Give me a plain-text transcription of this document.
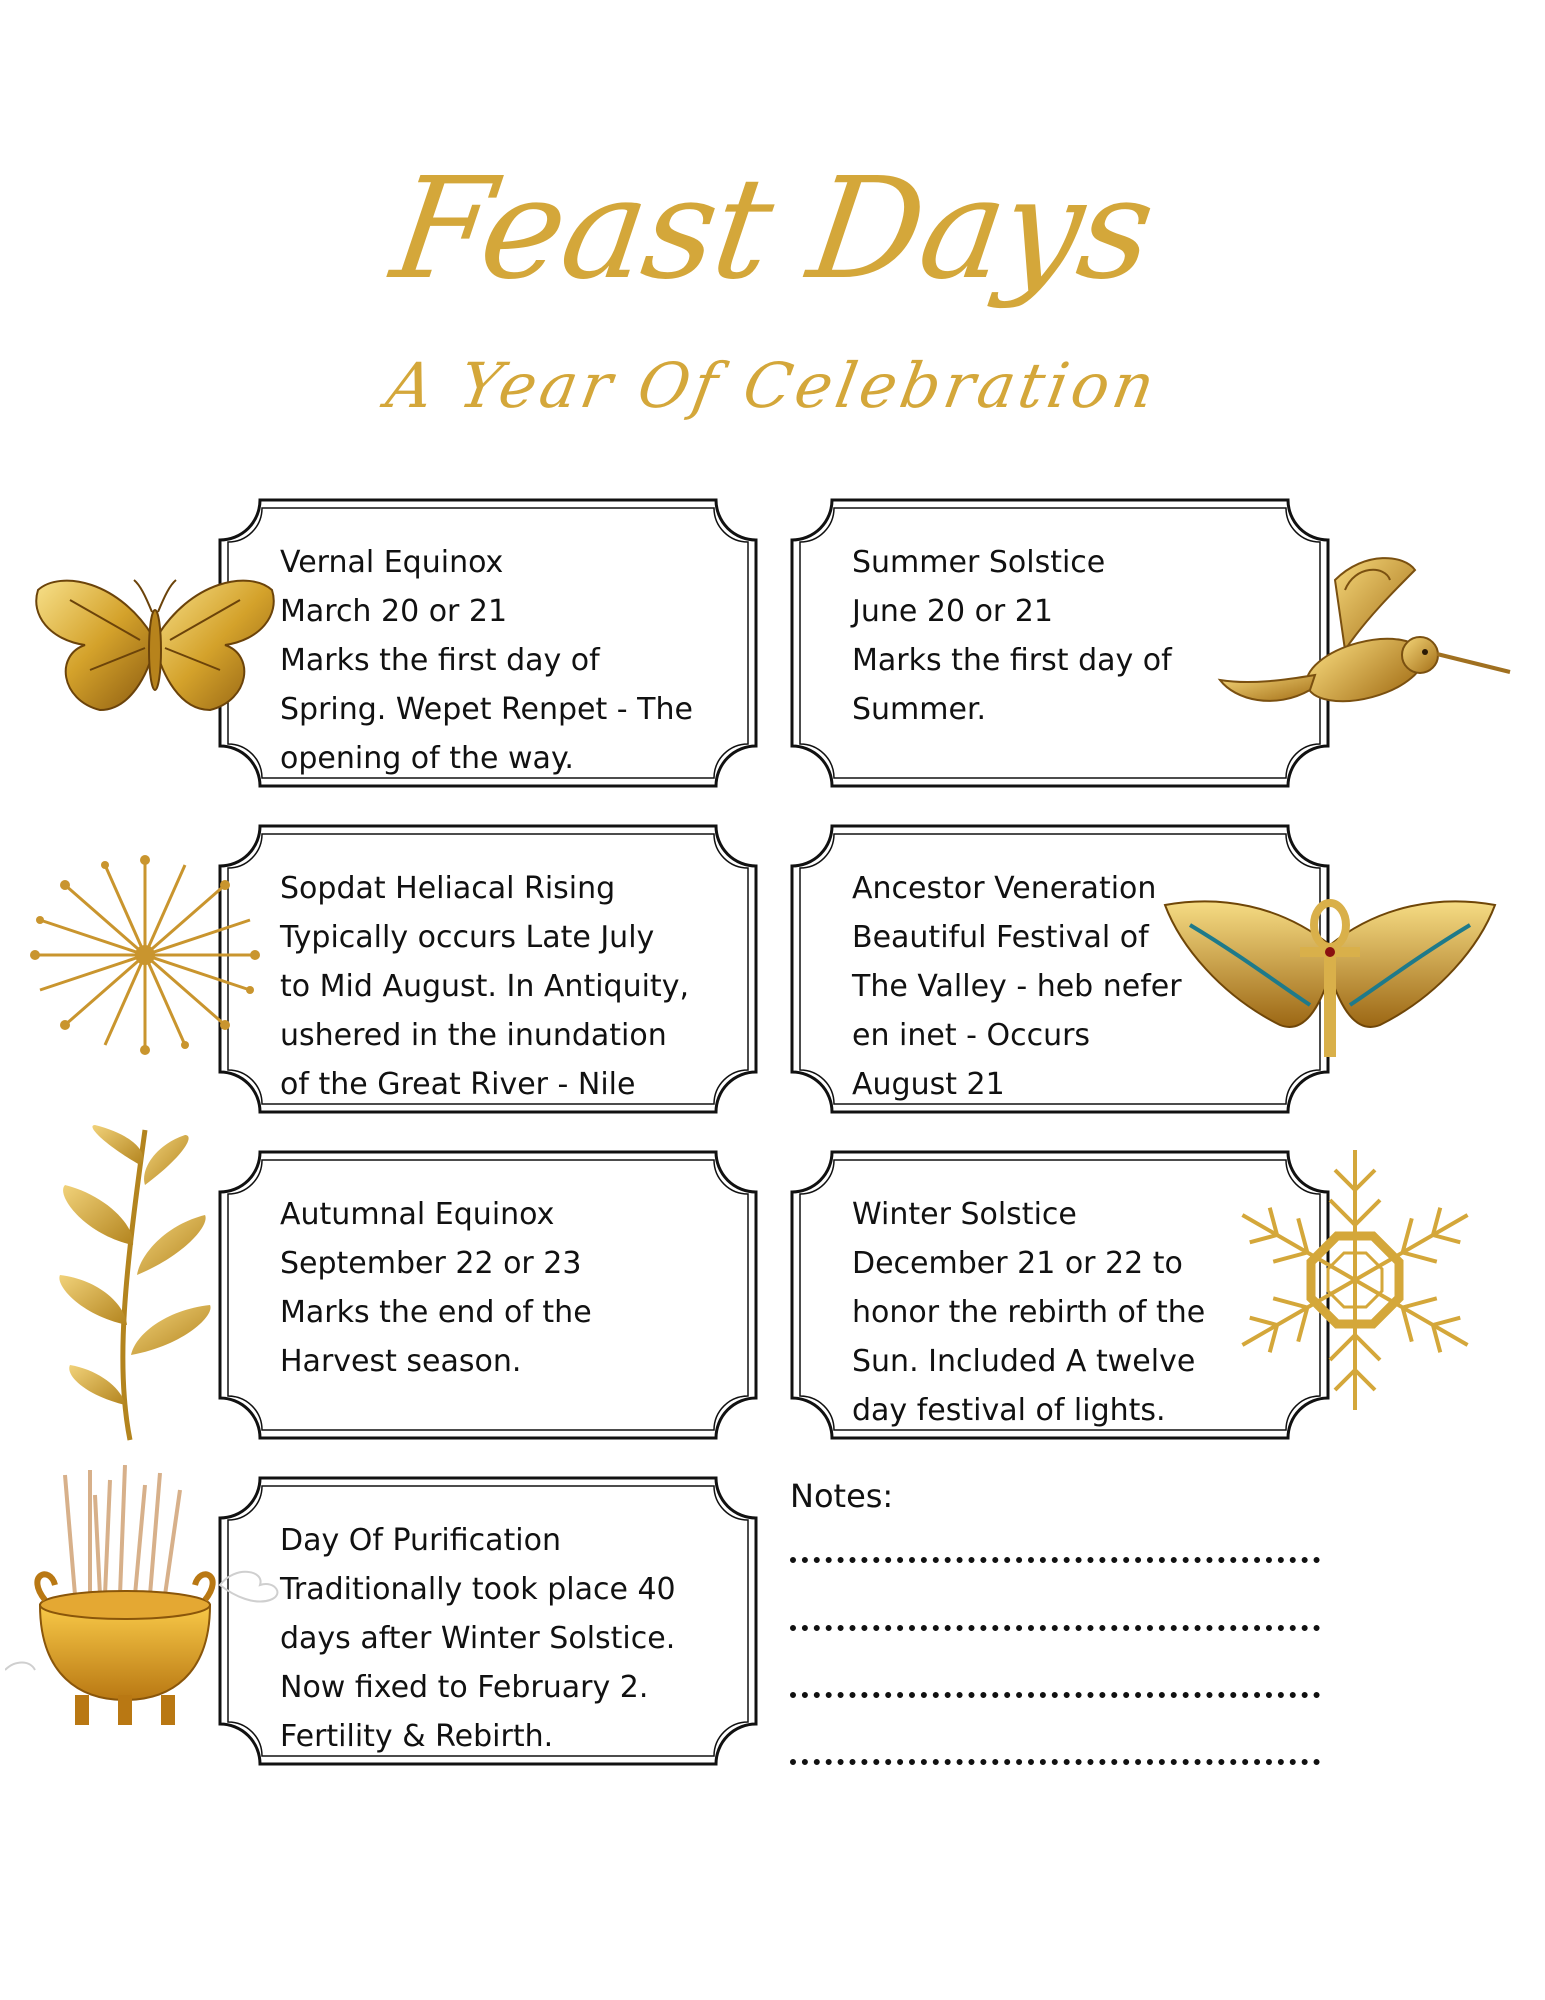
Feast Days
A Year Of Celebration
Vernal Equinox
March 20 or 21
Marks the first day of
Spring. Wepet Renpet - The
opening of the way.
Summer Solstice
June 20 or 21
Marks the first day of
Summer.
Sopdat Heliacal Rising
Typically occurs Late July
to Mid August. In Antiquity,
ushered in the inundation
of the Great River - Nile
Ancestor Veneration
Beautiful Festival of
The Valley - heb nefer
en inet - Occurs
August 21
Autumnal Equinox
September 22 or 23
Marks the end of the
Harvest season.
Winter Solstice
December 21 or 22 to
honor the rebirth of the
Sun. Included A twelve
day festival of lights.
Day Of Purification
Traditionally took place 40
days after Winter Solstice.
Now fixed to February 2.
Fertility & Rebirth.
Notes:
